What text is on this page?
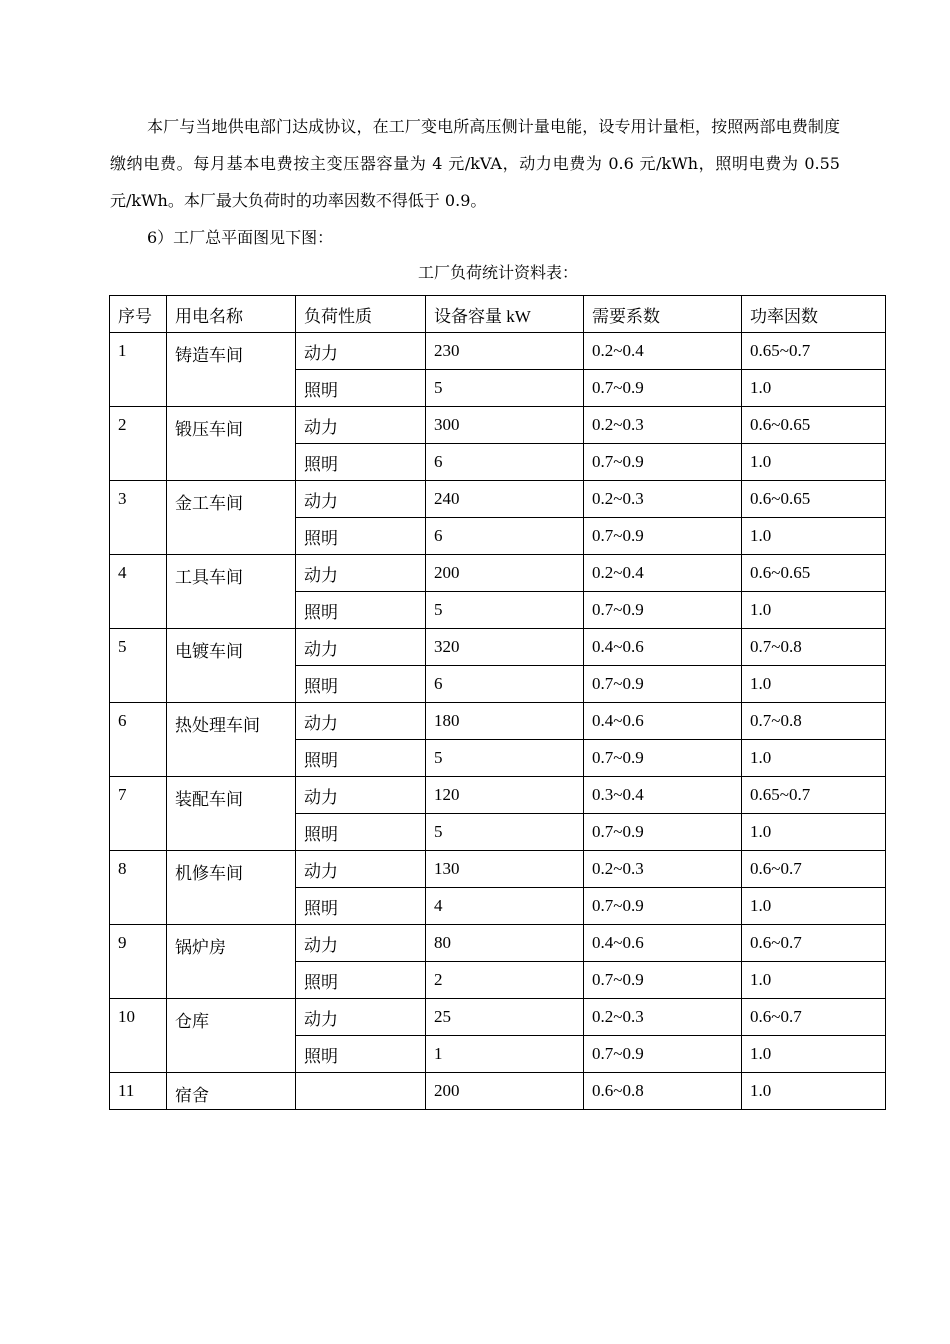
本厂与当地供电部门达成协议，在工厂变电所高压侧计量电能，设专用计量柜，按照两部电费制度缴纳电费。每月基本电费按主变压器容量为 4 元/kVA，动力电费为 0.6 元/kWh，照明电费为 0.55 元/kWh。本厂最大负荷时的功率因数不得低于 0.9。

6）工厂总平面图见下图：

工厂负荷统计资料表：

序号	用电名称	负荷性质	设备容量 kW	需要系数	功率因数
1	铸造车间	动力	230	0.2~0.4	0.65~0.7
		照明	5	0.7~0.9	1.0
2	锻压车间	动力	300	0.2~0.3	0.6~0.65
		照明	6	0.7~0.9	1.0
3	金工车间	动力	240	0.2~0.3	0.6~0.65
		照明	6	0.7~0.9	1.0
4	工具车间	动力	200	0.2~0.4	0.6~0.65
		照明	5	0.7~0.9	1.0
5	电镀车间	动力	320	0.4~0.6	0.7~0.8
		照明	6	0.7~0.9	1.0
6	热处理车间	动力	180	0.4~0.6	0.7~0.8
		照明	5	0.7~0.9	1.0
7	装配车间	动力	120	0.3~0.4	0.65~0.7
		照明	5	0.7~0.9	1.0
8	机修车间	动力	130	0.2~0.3	0.6~0.7
		照明	4	0.7~0.9	1.0
9	锅炉房	动力	80	0.4~0.6	0.6~0.7
		照明	2	0.7~0.9	1.0
10	仓库	动力	25	0.2~0.3	0.6~0.7
		照明	1	0.7~0.9	1.0
11	宿舍		200	0.6~0.8	1.0
